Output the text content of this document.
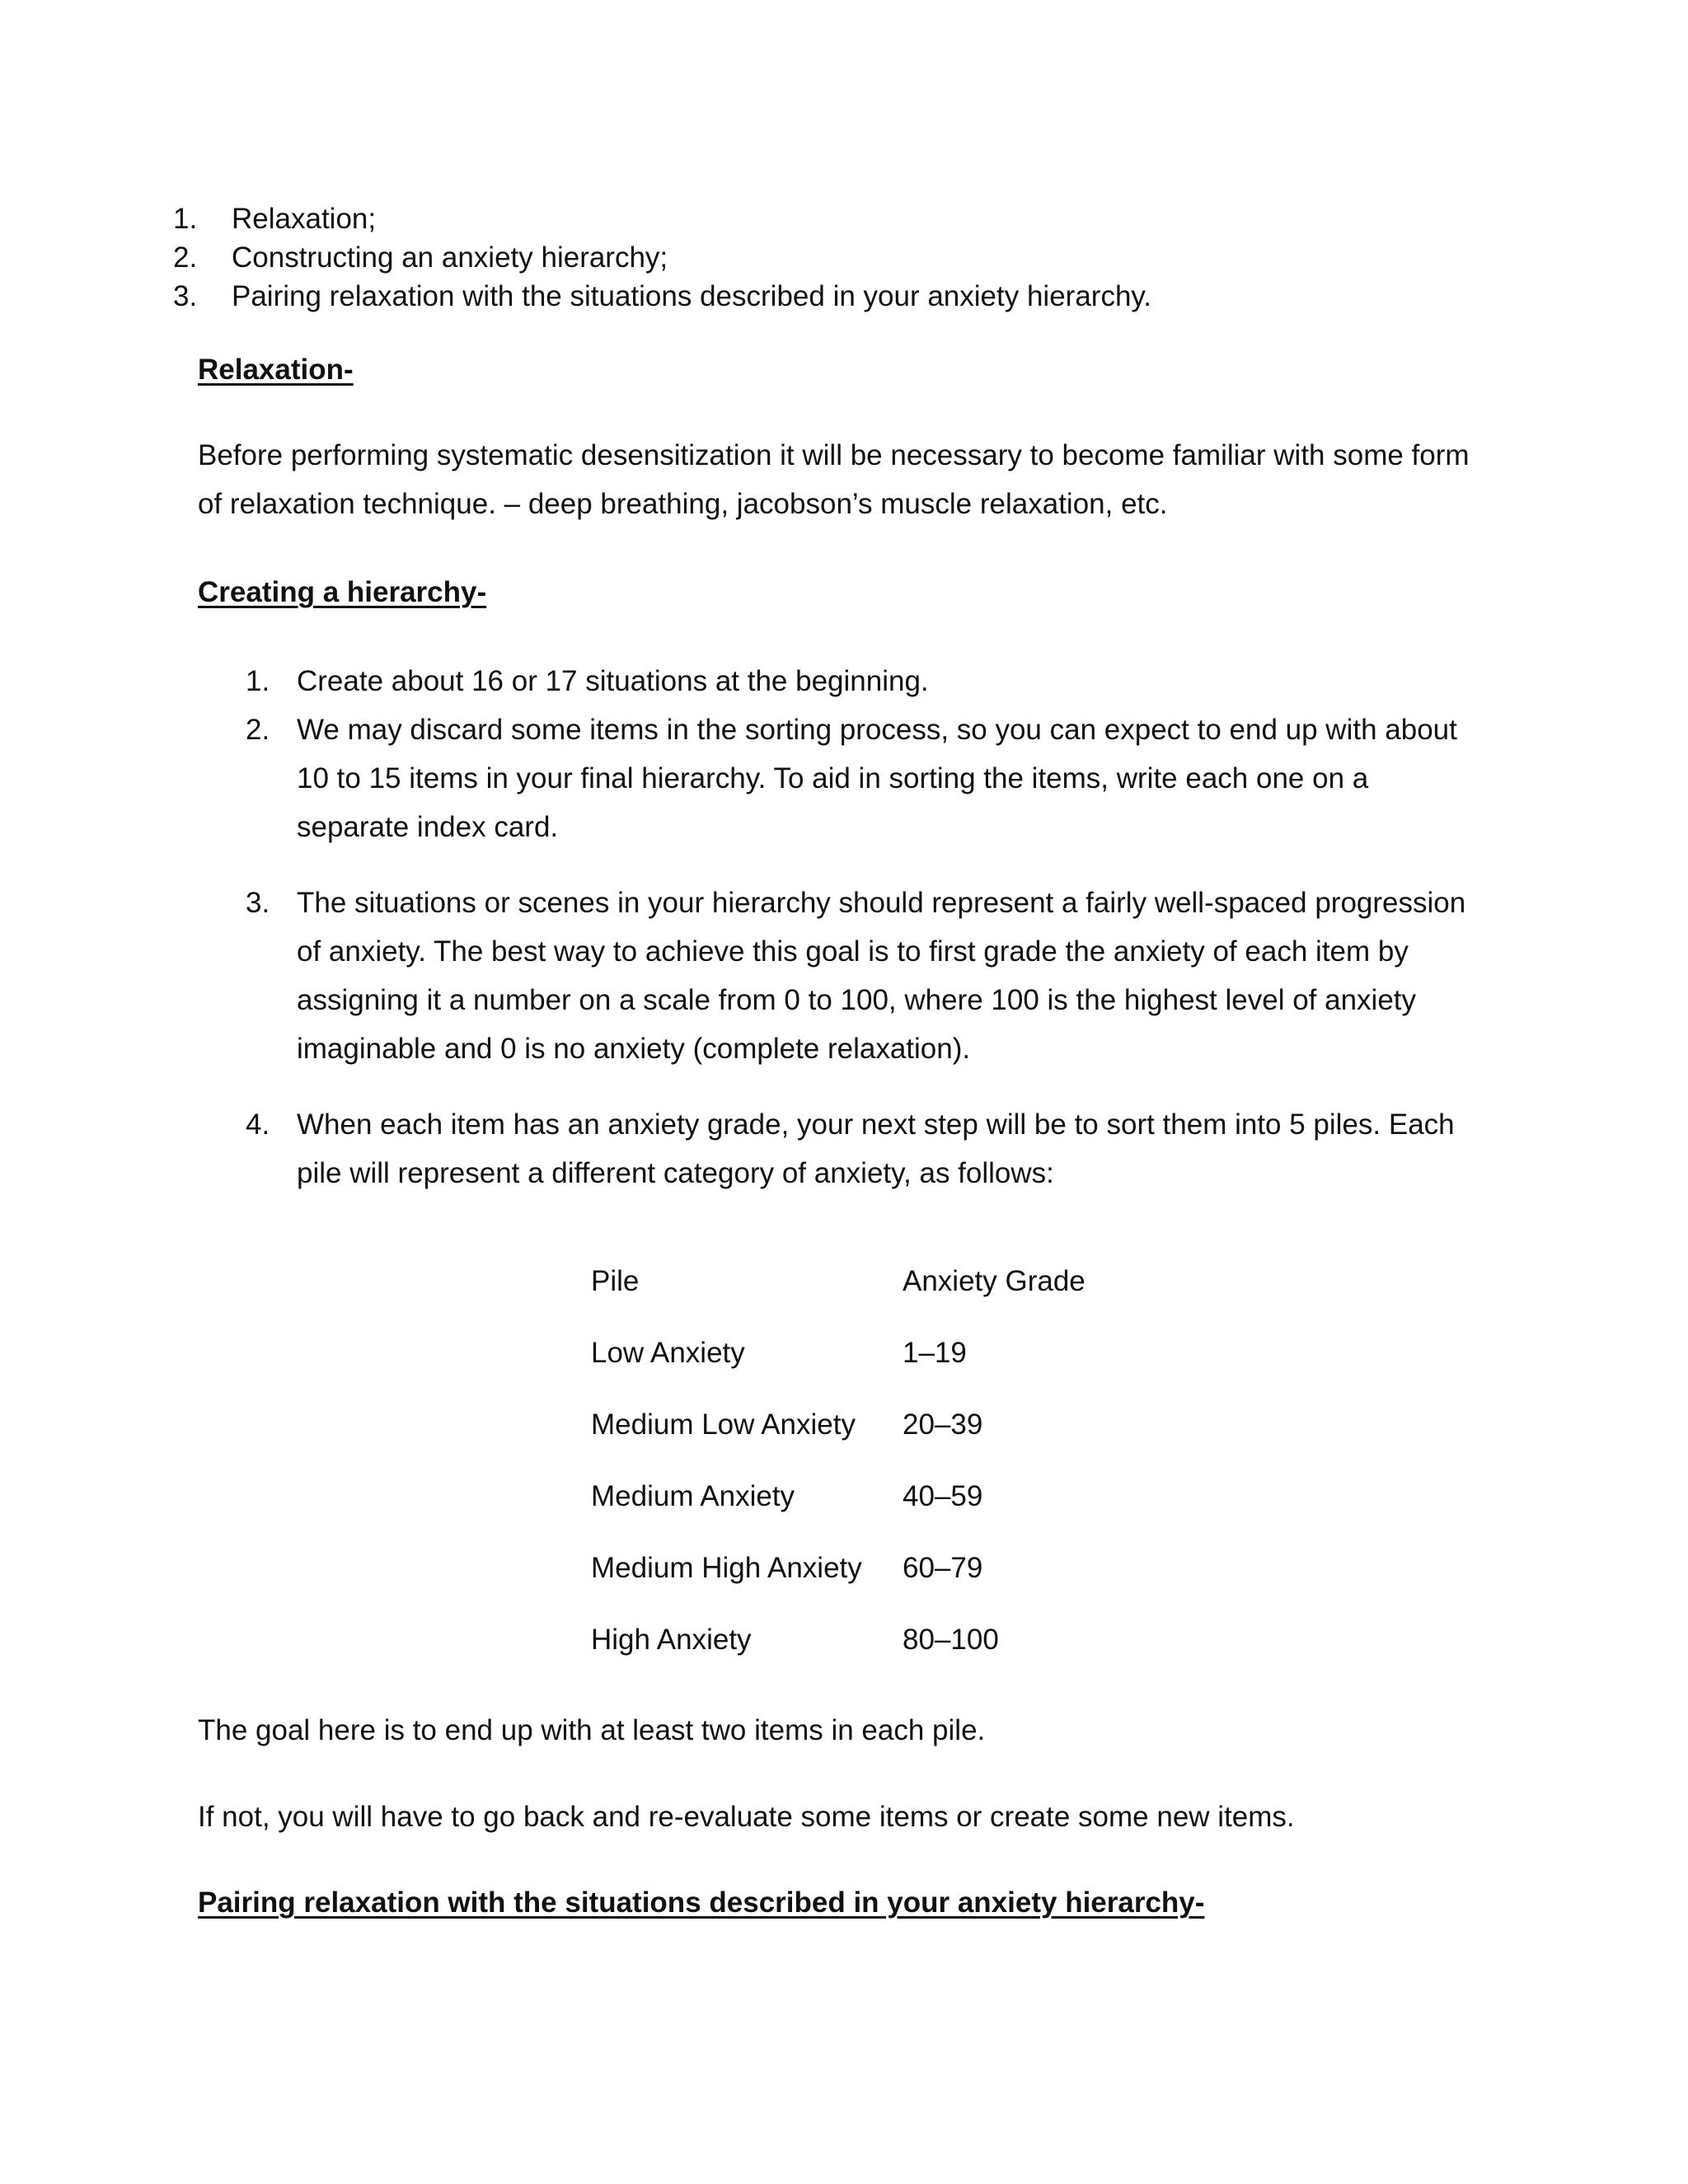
1.	Relaxation;
2.	Constructing an anxiety hierarchy;
3.	Pairing relaxation with the situations described in your anxiety hierarchy.
Relaxation-
Before performing systematic desensitization it will be necessary to become familiar with some form of relaxation technique. – deep breathing, jacobson’s muscle relaxation, etc.
Creating a hierarchy-
1. Create about 16 or 17 situations at the beginning.
2. We may discard some items in the sorting process, so you can expect to end up with about 10 to 15 items in your final hierarchy. To aid in sorting the items, write each one on a separate index card.
3. The situations or scenes in your hierarchy should represent a fairly well-spaced progression of anxiety. The best way to achieve this goal is to first grade the anxiety of each item by assigning it a number on a scale from 0 to 100, where 100 is the highest level of anxiety imaginable and 0 is no anxiety (complete relaxation).
4. When each item has an anxiety grade, your next step will be to sort them into 5 piles. Each pile will represent a different category of anxiety, as follows:
Pile	Anxiety Grade
Low Anxiety	1–19
Medium Low Anxiety	20–39
Medium Anxiety	40–59
Medium High Anxiety	60–79
High Anxiety	80–100
The goal here is to end up with at least two items in each pile.
If not, you will have to go back and re-evaluate some items or create some new items.
Pairing relaxation with the situations described in your anxiety hierarchy-
